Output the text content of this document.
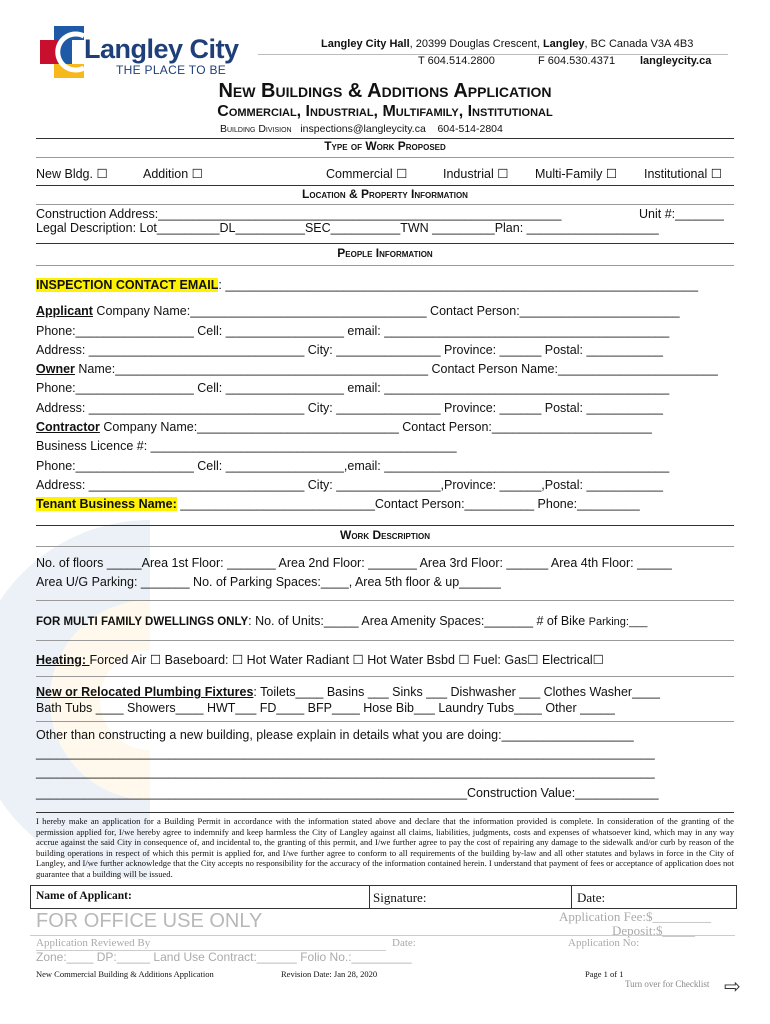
Langley City
THE PLACE TO BE
Langley City Hall, 20399 Douglas Crescent, Langley, BC Canada V3A 4B3
T 604.514.2800	F 604.530.4371 langleycity.ca
New Buildings & Additions Application
Commercial, Industrial, Multifamily, Institutional
Building Division inspections@langleycity.ca 604-514-2804
Type of Work Proposed
New Bldg. ☐	Addition ☐	Commercial ☐	Industrial ☐ Multi-Family ☐ Institutional ☐
Location & Property Information
Construction Address:__________________________________________________________	Unit #:_______
Legal Description: Lot_________DL__________SEC__________TWN _________Plan: ___________________
People Information
INSPECTION CONTACT EMAIL: ____________________________________________________________________
Applicant Company Name:__________________________________ Contact Person:_______________________
Phone:_________________ Cell: _________________ email: _________________________________________
Address: _______________________________ City: _______________ Province: ______ Postal: ___________
Owner Name:_____________________________________________ Contact Person Name:_______________________
Phone:_________________ Cell: _________________ email: _________________________________________
Address: _______________________________ City: _______________ Province: ______ Postal: ___________
Contractor Company Name:_____________________________ Contact Person:_______________________
Business Licence #: ____________________________________________
Phone:_________________ Cell: _________________,email: _________________________________________
Address: _______________________________ City: _______________,Province: ______,Postal: ___________
Tenant Business Name: ____________________________Contact Person:__________ Phone:_________
Work Description
No. of floors _____Area 1st Floor: _______ Area 2nd Floor: _______ Area 3rd Floor: ______ Area 4th Floor: _____
Area U/G Parking: _______ No. of Parking Spaces:____, Area 5th floor & up______
FOR MULTI FAMILY DWELLINGS ONLY: No. of Units:_____ Area Amenity Spaces:_______ # of Bike Parking:___
Heating: Forced Air ☐ Baseboard: ☐ Hot Water Radiant ☐ Hot Water Bsbd ☐ Fuel: Gas☐ Electrical☐
New or Relocated Plumbing Fixtures: Toilets____ Basins ___ Sinks ___ Dishwasher ___ Clothes Washer____
Bath Tubs ____ Showers____ HWT___ FD____ BFP____ Hose Bib___ Laundry Tubs____ Other _____
Other than constructing a new building, please explain in details what you are doing:___________________
_________________________________________________________________________________________
_________________________________________________________________________________________
______________________________________________________________Construction Value:____________
I hereby make an application for a Building Permit in accordance with the information stated above and declare that the information provided is complete. In consideration of the granting of the permission applied for, I/we hereby agree to indemnify and keep harmless the City of Langley against all claims, liabilities, judgments, costs and expenses of whatsoever kind, which may in any way accrue against the said City in consequence of, and incidental to, the granting of this permit, and I/we further agree to pay the cost of repairing any damage to the sidewalk and/or curb by reason of the building operations in respect of which this permit is applied for, and I/we further agree to conform to all requirements of the building by-law and all other statutes and bylaws in force in the City of Langley, and I/we further acknowledge that the City accepts no responsibility for the accuracy of the information contained herein. I understand that payment of fees or acceptance of application does not guarantee that a building will be issued.
Name of Applicant:	Signature:	Date:
FOR OFFICE USE ONLY	Application Fee:$_________
Deposit:$_____
Application Reviewed By	Date:	Application No:
Zone:____ DP:_____ Land Use Contract:______ Folio No.:_________
New Commercial Building & Additions Application	Revision Date: Jan 28, 2020	Page 1 of 1
Turn over for Checklist ⇨
